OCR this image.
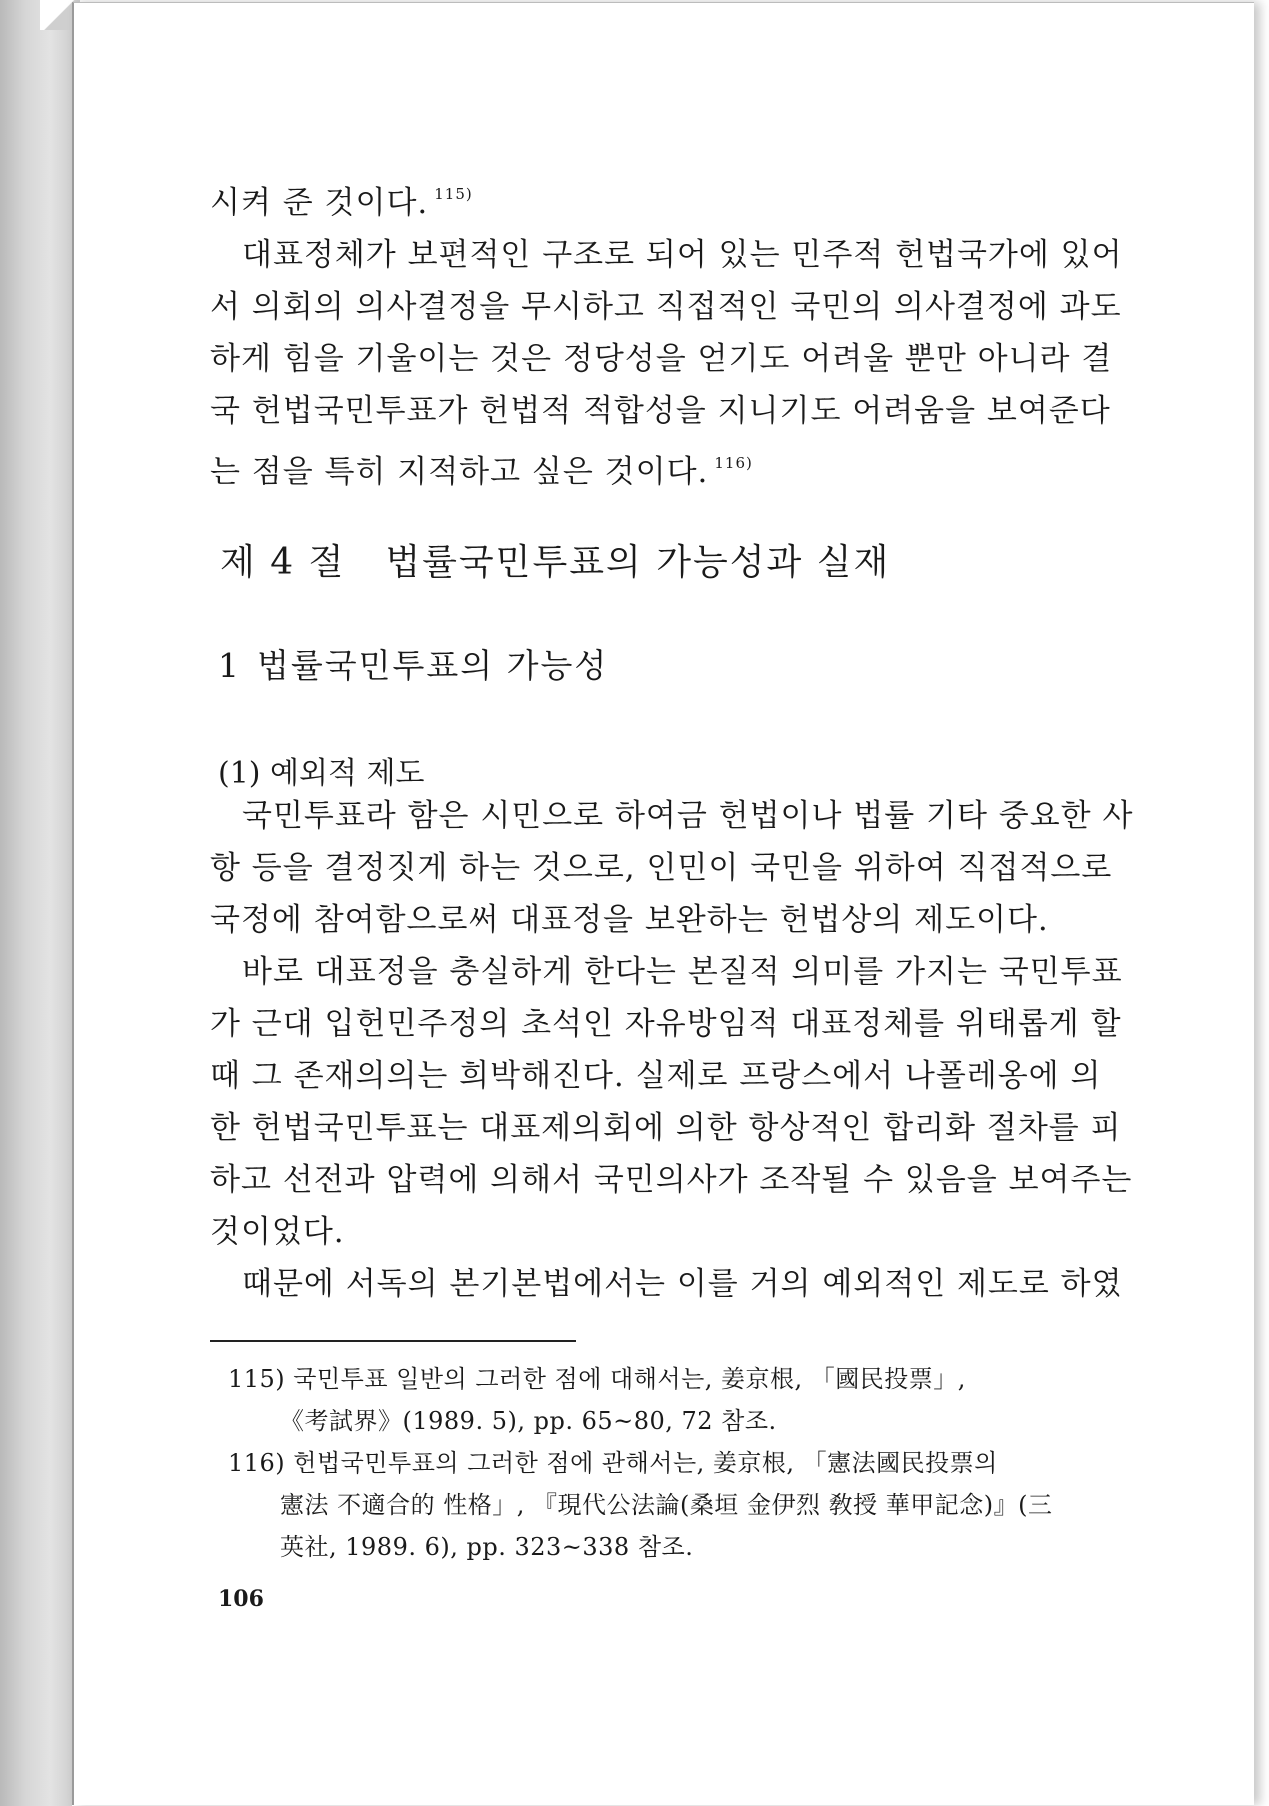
시켜 준 것이다. $^{115)}$
　대표정체가 보편적인 구조로 되어 있는 민주적 헌법국가에 있어
서 의회의 의사결정을 무시하고 직접적인 국민의 의사결정에 과도
하게 힘을 기울이는 것은 정당성을 얻기도 어려울 뿐만 아니라 결
국 헌법국민투표가 헌법적 적합성을 지니기도 어려움을 보여준다
는 점을 특히 지적하고 싶은 것이다. $^{116)}$
제 4 절 법률국민투표의 가능성과 실재
1 법률국민투표의 가능성
(1) 예외적 제도
　국민투표라 함은 시민으로 하여금 헌법이나 법률 기타 중요한 사
항 등을 결정짓게 하는 것으로, 인민이 국민을 위하여 직접적으로
국정에 참여함으로써 대표정을 보완하는 헌법상의 제도이다.
　바로 대표정을 충실하게 한다는 본질적 의미를 가지는 국민투표
가 근대 입헌민주정의 초석인 자유방임적 대표정체를 위태롭게 할
때 그 존재의의는 희박해진다. 실제로 프랑스에서 나폴레옹에 의
한 헌법국민투표는 대표제의회에 의한 항상적인 합리화 절차를 피
하고 선전과 압력에 의해서 국민의사가 조작될 수 있음을 보여주는
것이었다.
　때문에 서독의 본기본법에서는 이를 거의 예외적인 제도로 하였
115) 국민투표 일반의 그러한 점에 대해서는, 姜京根, 「國民投票」,
《考試界》(1989. 5), pp. 65~80, 72 참조.
116) 헌법국민투표의 그러한 점에 관해서는, 姜京根, 「憲法國民投票의
憲法 不適合的 性格」, 『現代公法論(桑垣 金伊烈 敎授 華甲記念)』(三
英社, 1989. 6), pp. 323~338 참조.
106
